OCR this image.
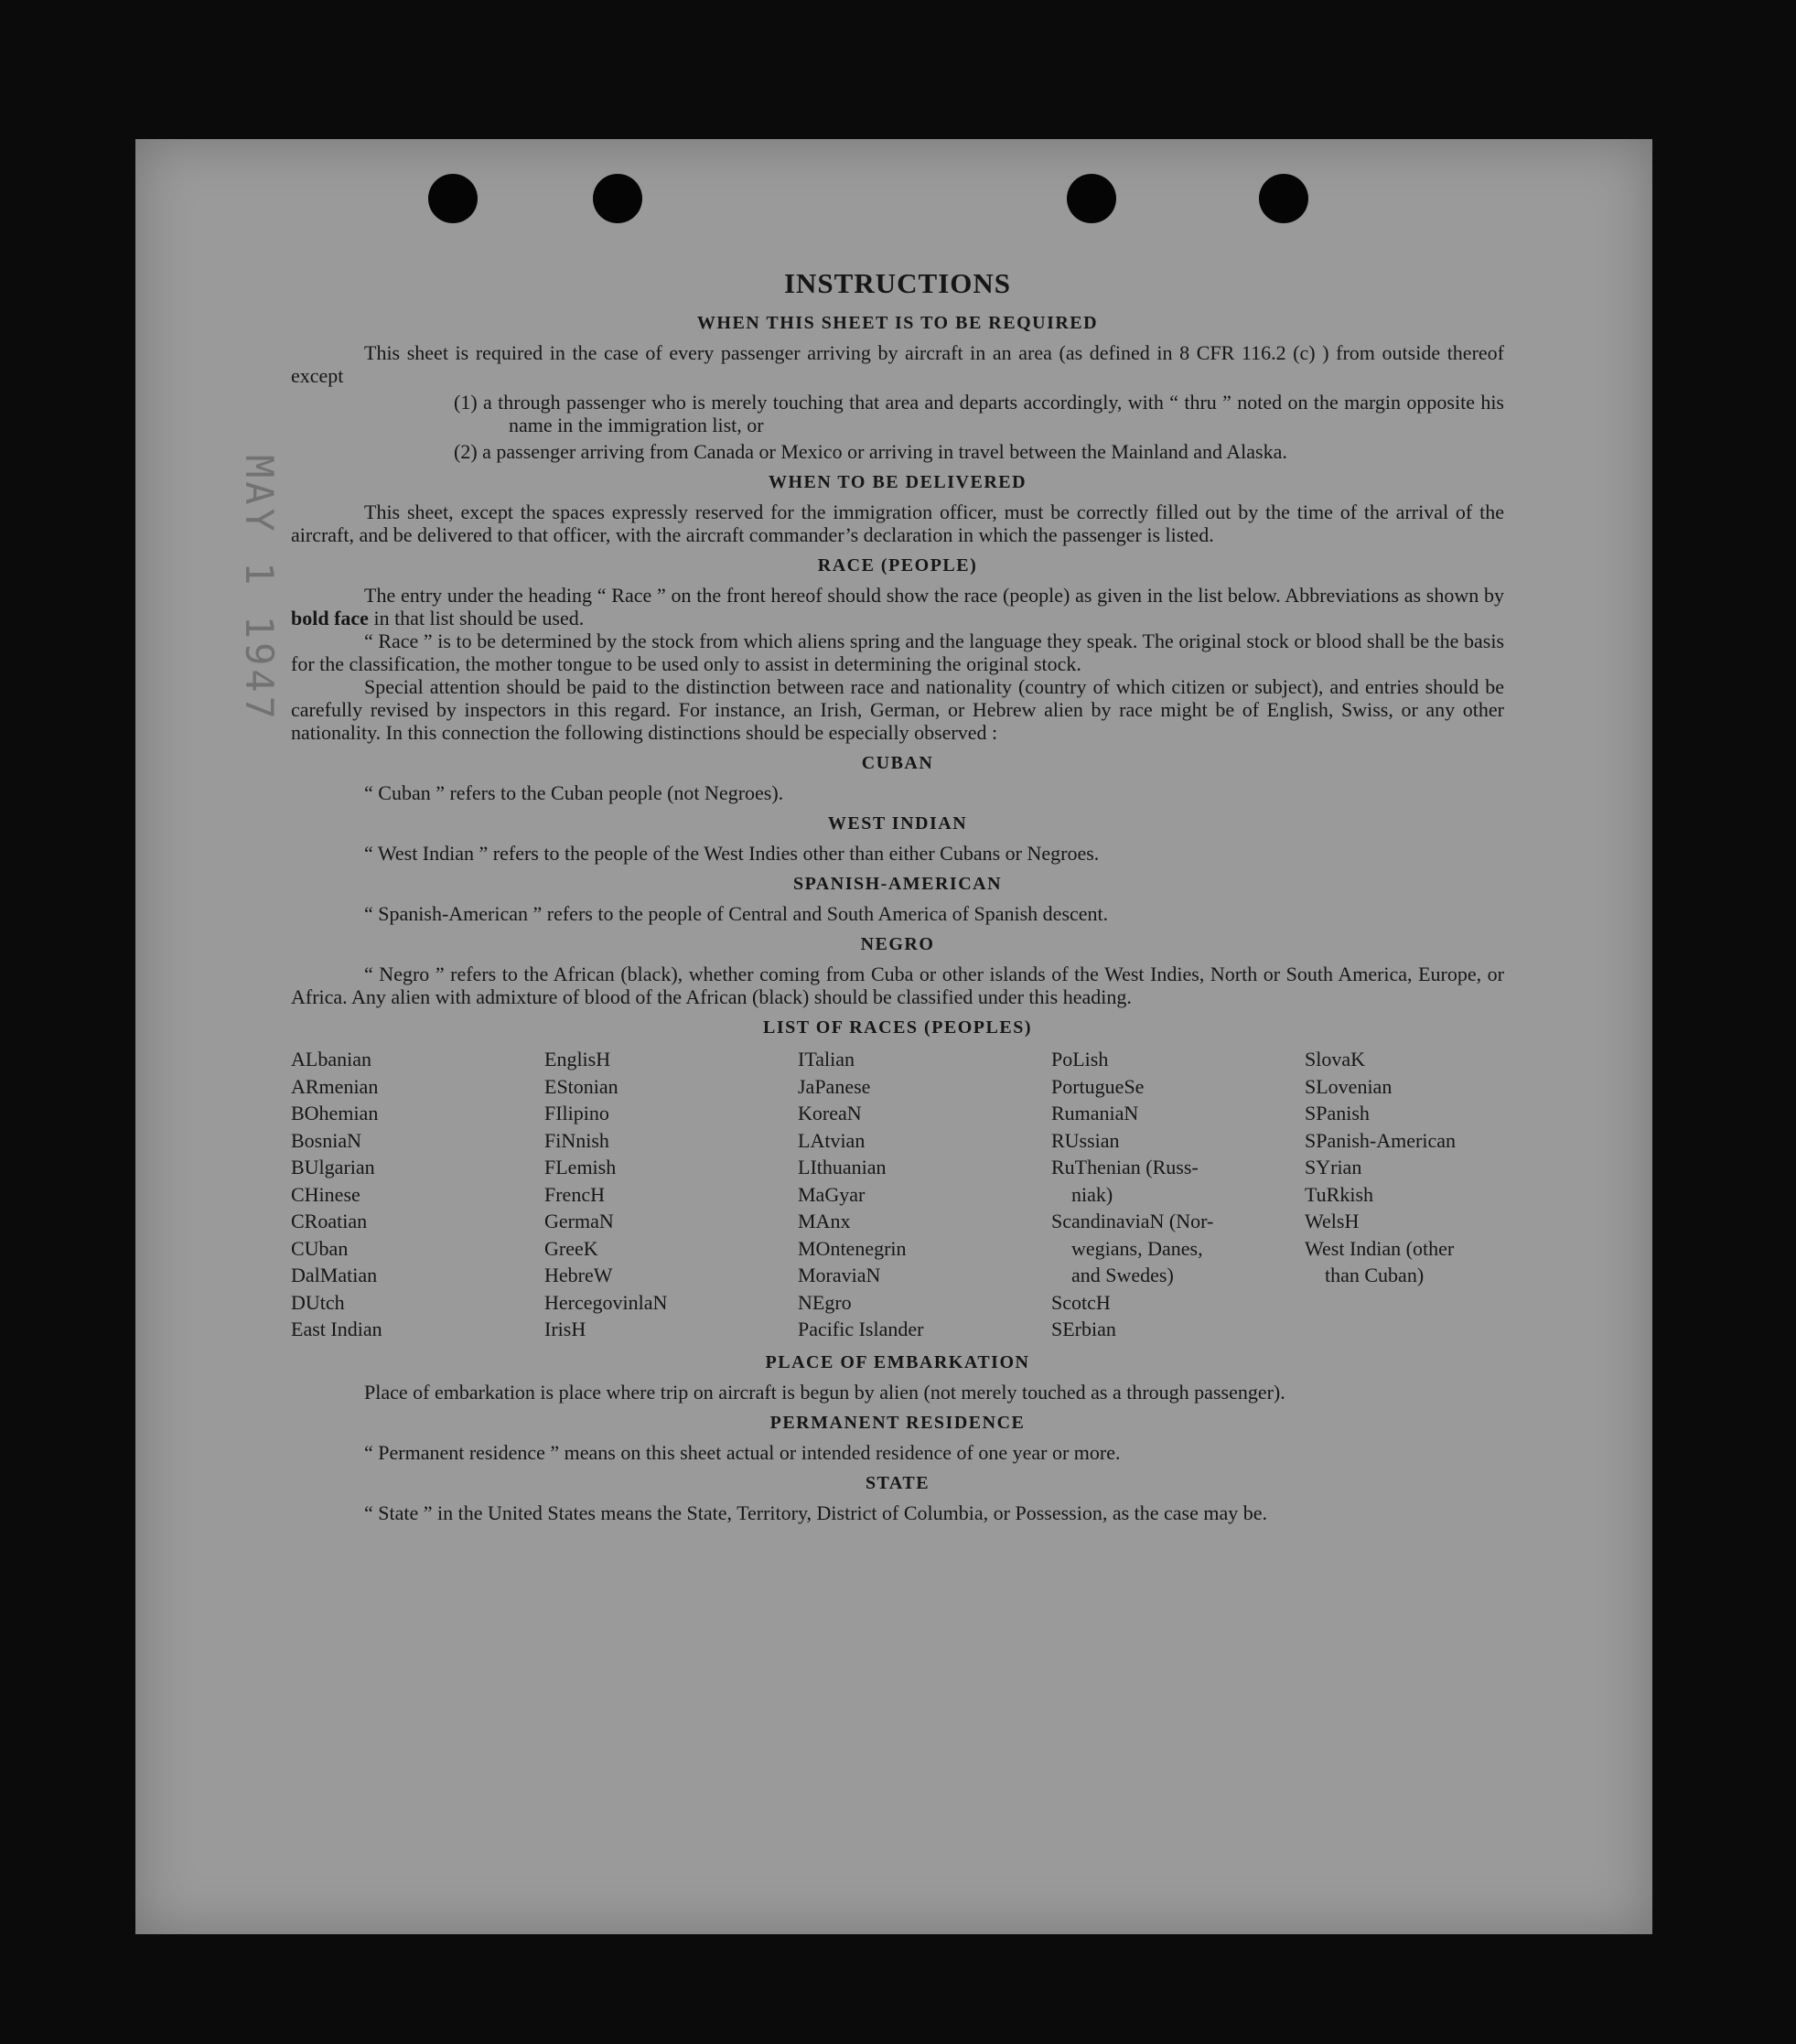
MAY 1 1947
INSTRUCTIONS
WHEN THIS SHEET IS TO BE REQUIRED

This sheet is required in the case of every passenger arriving by aircraft in an area (as defined in 8 CFR 116.2 (c) ) from outside thereof except

(1) a through passenger who is merely touching that area and departs accordingly, with “ thru ” noted on the margin opposite his name in the immigration list, or

(2) a passenger arriving from Canada or Mexico or arriving in travel between the Mainland and Alaska.

WHEN TO BE DELIVERED

This sheet, except the spaces expressly reserved for the immigration officer, must be correctly filled out by the time of the arrival of the aircraft, and be delivered to that officer, with the aircraft commander’s declaration in which the passenger is listed.

RACE (PEOPLE)

The entry under the heading “ Race ” on the front hereof should show the race (people) as given in the list below. Abbreviations as shown by bold face in that list should be used.

“ Race ” is to be determined by the stock from which aliens spring and the language they speak. The original stock or blood shall be the basis for the classification, the mother tongue to be used only to assist in determining the original stock.

Special attention should be paid to the distinction between race and nationality (country of which citizen or subject), and entries should be carefully revised by inspectors in this regard. For instance, an Irish, German, or Hebrew alien by race might be of English, Swiss, or any other nationality. In this connection the following distinctions should be especially observed :

CUBAN

“ Cuban ” refers to the Cuban people (not Negroes).

WEST INDIAN

“ West Indian ” refers to the people of the West Indies other than either Cubans or Negroes.

SPANISH-AMERICAN

“ Spanish-American ” refers to the people of Central and South America of Spanish descent.

NEGRO

“ Negro ” refers to the African (black), whether coming from Cuba or other islands of the West Indies, North or South America, Europe, or Africa. Any alien with admixture of blood of the African (black) should be classified under this heading.

LIST OF RACES (PEOPLES)
ALbanian
ARmenian
BOhemian
BosniaN
BUlgarian
CHinese
CRoatian
CUban
DalMatian
DUtch
East Indian
EnglisH
EStonian
FIlipino
FiNnish
FLemish
FrencH
GermaN
GreeK
HebreW
HercegovinlaN
IrisH
ITalian
JaPanese
KoreaN
LAtvian
LIthuanian
MaGyar
MAnx
MOntenegrin
MoraviaN
NEgro
Pacific Islander
PoLish
PortugueSe
RumaniaN
RUssian
RuThenian (Russ-
niak)
ScandinaviaN (Nor-
wegians, Danes,
and Swedes)
ScotcH
SErbian
SlovaK
SLovenian
SPanish
SPanish-American
SYrian
TuRkish
WelsH
West Indian (other
than Cuban)
PLACE OF EMBARKATION

Place of embarkation is place where trip on aircraft is begun by alien (not merely touched as a through passenger).

PERMANENT RESIDENCE

“ Permanent residence ” means on this sheet actual or intended residence of one year or more.

STATE

“ State ” in the United States means the State, Territory, District of Columbia, or Possession, as the case may be.
